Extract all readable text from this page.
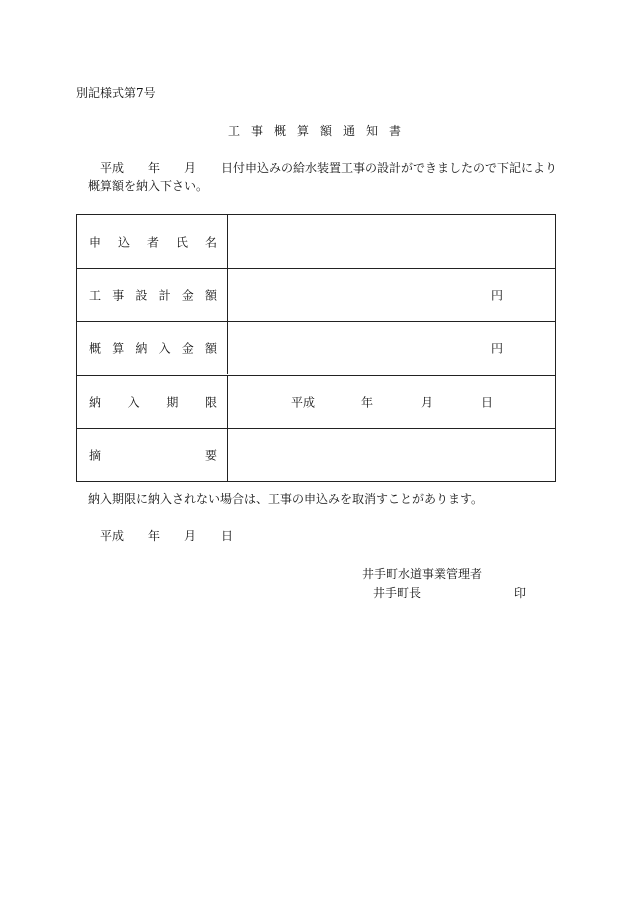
別記様式第7号
工事概算額通知書
平成 年 月 日付申込みの給水装置工事の設計ができましたので下記により
概算額を納入下さい。
申 込 者 氏 名
工 事 設 計 金 額	円
概 算 納 入 金 額	円
納 入 期 限	平成	年	月	日
摘	要
納入期限に納入されない場合は、工事の申込みを取消すことがあります。
平成 年 月 日
井手町水道事業管理者
井手町長	印
